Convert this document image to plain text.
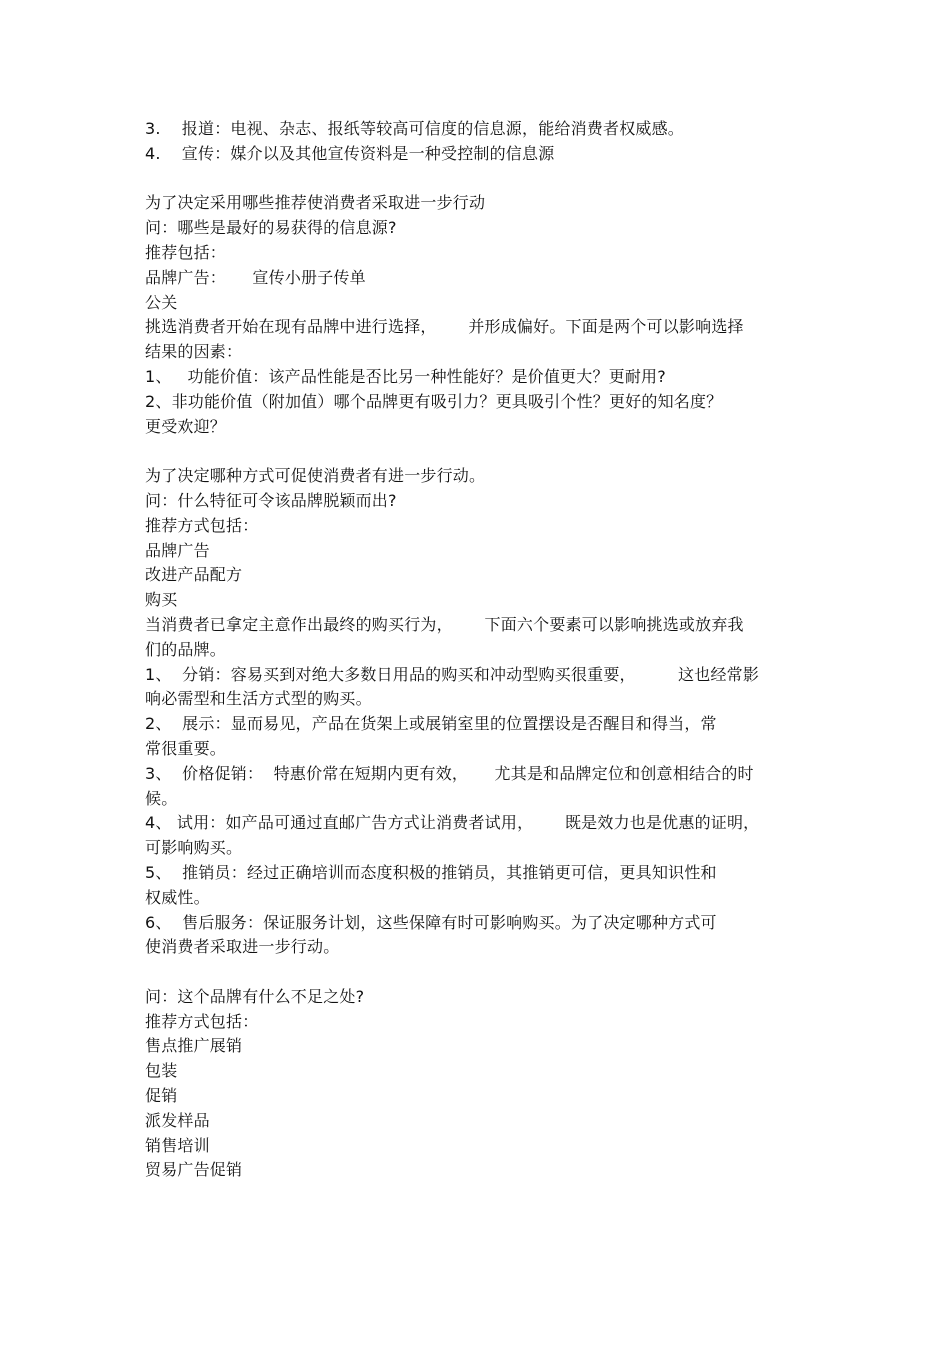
3.    报道：电视、杂志、报纸等较高可信度的信息源，能给消费者权威感。
4.    宣传：媒介以及其他宣传资料是一种受控制的信息源
为了决定采用哪些推荐使消费者采取进一步行动
问：哪些是最好的易获得的信息源?
推荐包括：
品牌广告：     宣传小册子传单
公关
挑选消费者开始在现有品牌中进行选择，      并形成偏好。下面是两个可以影响选择
结果的因素：
1、   功能价值：该产品性能是否比另一种性能好？是价值更大？更耐用?
2、非功能价值（附加值）哪个品牌更有吸引力？更具吸引个性？更好的知名度？
更受欢迎？
为了决定哪种方式可促使消费者有进一步行动。
问：什么特征可令该品牌脱颖而出?
推荐方式包括：
品牌广告
改进产品配方
购买
当消费者已拿定主意作出最终的购买行为，      下面六个要素可以影响挑选或放弃我
们的品牌。
1、  分销：容易买到对绝大多数日用品的购买和冲动型购买很重要，        这也经常影
响必需型和生活方式型的购买。
2、  展示：显而易见，产品在货架上或展销室里的位置摆设是否醒目和得当，常
常很重要。
3、  价格促销：  特惠价常在短期内更有效，     尤其是和品牌定位和创意相结合的时
候。
4、 试用：如产品可通过直邮广告方式让消费者试用，      既是效力也是优惠的证明，
可影响购买。
5、  推销员：经过正确培训而态度积极的推销员，其推销更可信，更具知识性和
权威性。
6、  售后服务：保证服务计划，这些保障有时可影响购买。为了决定哪种方式可
使消费者采取进一步行动。
问：这个品牌有什么不足之处?
推荐方式包括：
售点推广展销
包装
促销
派发样品
销售培训
贸易广告促销
